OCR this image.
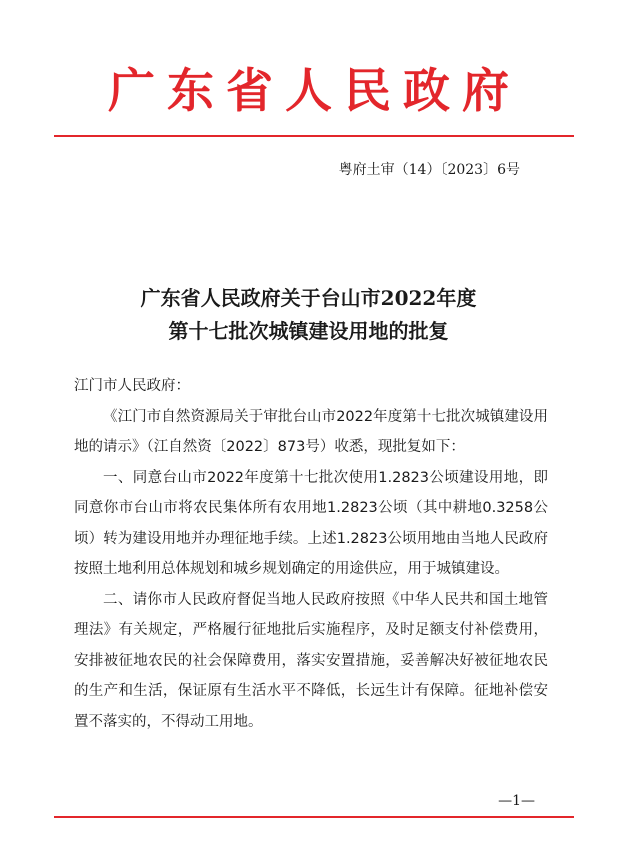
广东省人民政府
粤府土审（14）〔2023〕6号
广东省人民政府关于台山市2022年度
第十七批次城镇建设用地的批复
江门市人民政府：

《江门市自然资源局关于审批台山市2022年度第十七批次城镇建设用地的请示》（江自然资〔2022〕873号）收悉，现批复如下：

一、同意台山市2022年度第十七批次使用1.2823公顷建设用地，即同意你市台山市将农民集体所有农用地1.2823公顷（其中耕地0.3258公顷）转为建设用地并办理征地手续。上述1.2823公顷用地由当地人民政府按照土地利用总体规划和城乡规划确定的用途供应，用于城镇建设。

二、请你市人民政府督促当地人民政府按照《中华人民共和国土地管理法》有关规定，严格履行征地批后实施程序，及时足额支付补偿费用，安排被征地农民的社会保障费用，落实安置措施，妥善解决好被征地农民的生产和生活，保证原有生活水平不降低，长远生计有保障。征地补偿安置不落实的，不得动工用地。

—1—
